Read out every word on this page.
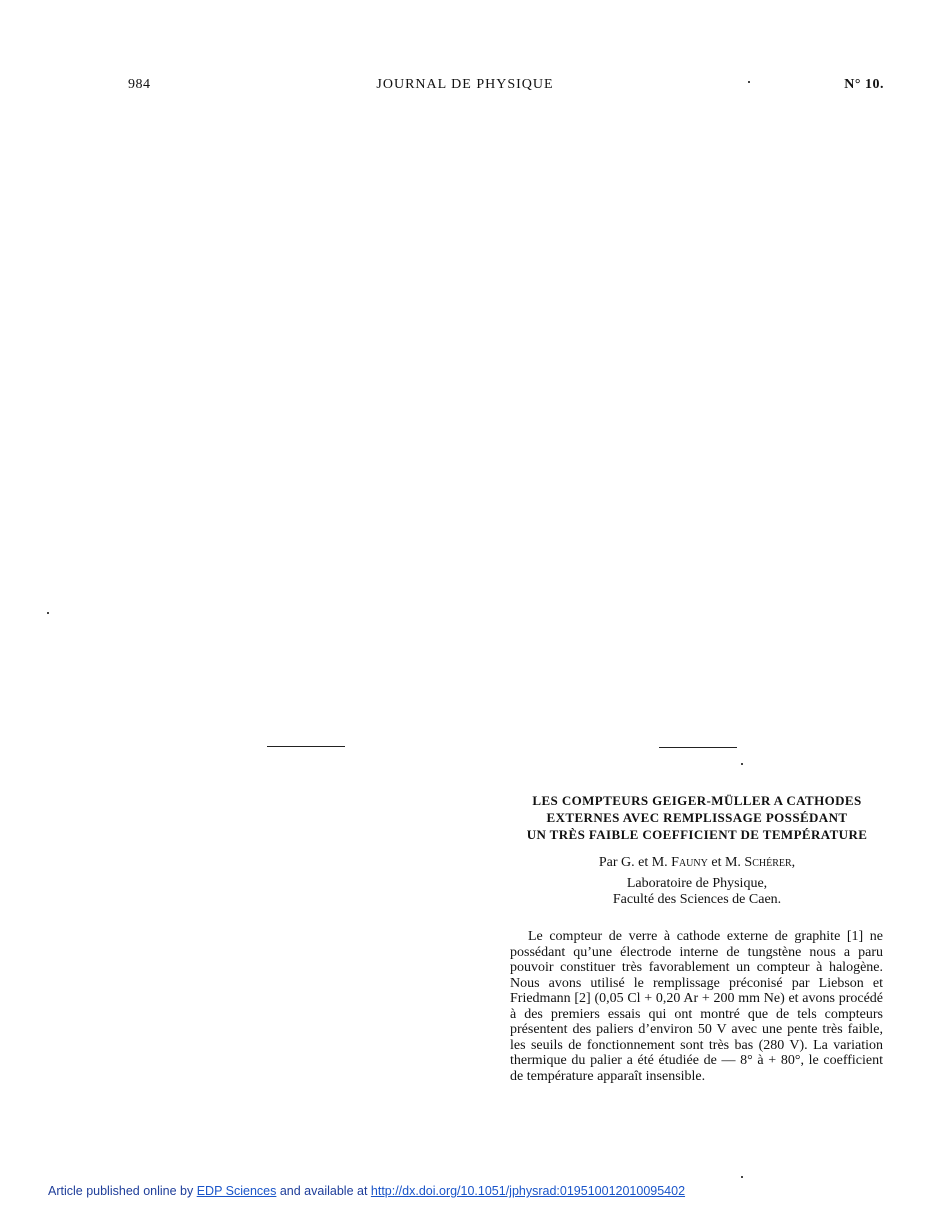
984	JOURNAL DE PHYSIQUE	N° 10.
LES COMPTEURS GEIGER-MÜLLER A CATHODES
EXTERNES AVEC REMPLISSAGE POSSÉDANT
UN TRÈS FAIBLE COEFFICIENT DE TEMPÉRATURE
Par G. et M. Fauny et M. Schérer,
Laboratoire de Physique,
Faculté des Sciences de Caen.

Le compteur de verre à cathode externe de graphite [1] ne possédant qu’une électrode interne de tungstène nous a paru pouvoir constituer très favorablement un compteur à halogène. Nous avons utilisé le remplissage préconisé par Liebson et Friedmann [2] (0,05 Cl + 0,20 Ar + 200 mm Ne) et avons procédé à des premiers essais qui ont montré que de tels compteurs présentent des paliers d’environ 50 V avec une pente très faible, les seuils de fonctionnement sont très bas (280 V). La variation thermique du palier a été étudiée de — 8° à + 80°, le coefficient de température apparaît insensible.

Article published online by EDP Sciences and available at http://dx.doi.org/10.1051/jphysrad:019510012010095402
